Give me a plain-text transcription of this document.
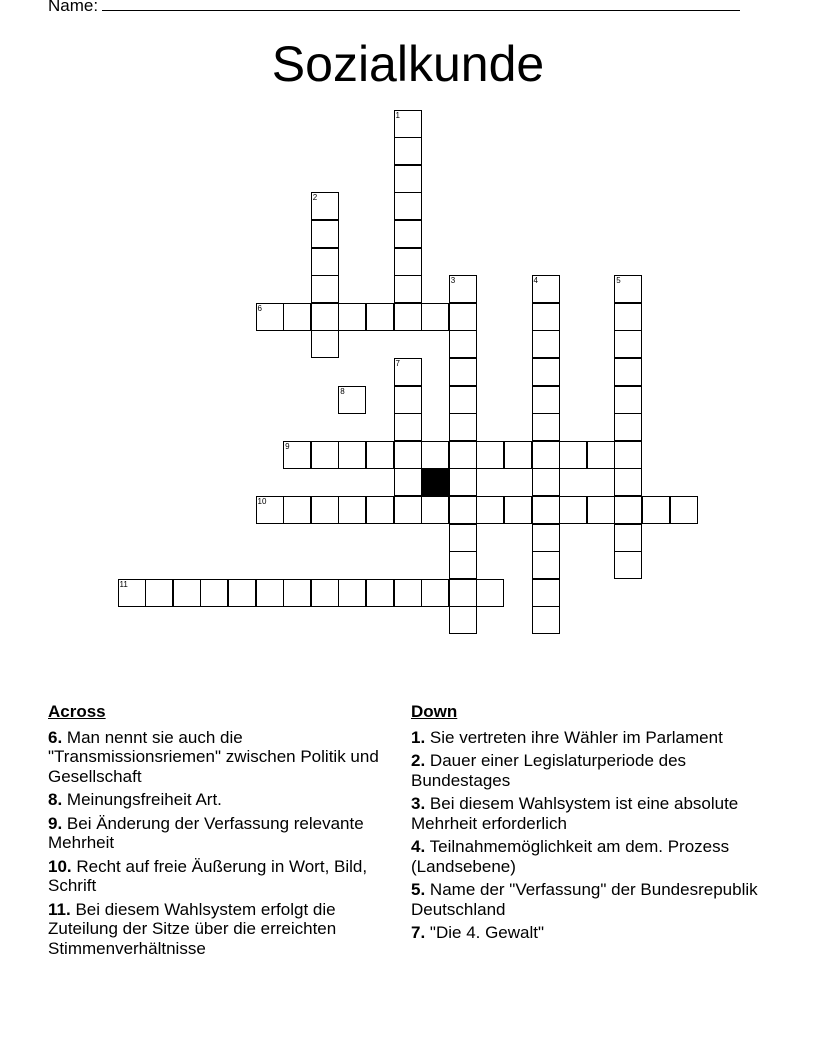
Name:
Sozialkunde
1
2
3	4	5
6
7
8
9
10
11
Across
6. Man nennt sie auch die "Transmissionsriemen" zwischen Politik und Gesellschaft
8. Meinungsfreiheit Art.
9. Bei Änderung der Verfassung relevante Mehrheit
10. Recht auf freie Äußerung in Wort, Bild, Schrift
11. Bei diesem Wahlsystem erfolgt die Zuteilung der Sitze über die erreichten Stimmenverhältnisse
Down
1. Sie vertreten ihre Wähler im Parlament
2. Dauer einer Legislaturperiode des Bundestages
3. Bei diesem Wahlsystem ist eine absolute Mehrheit erforderlich
4. Teilnahmemöglichkeit am dem. Prozess (Landsebene)
5. Name der "Verfassung" der Bundesrepublik Deutschland
7. "Die 4. Gewalt"
